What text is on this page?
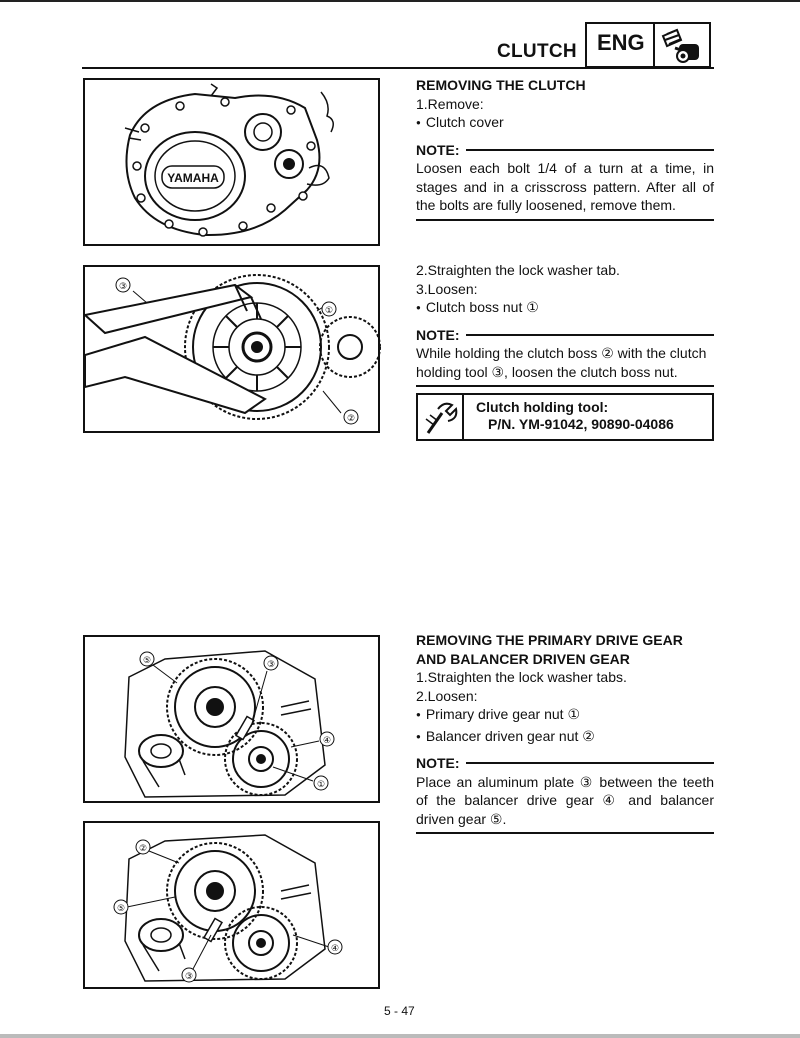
CLUTCH ENG
YAMAHA
③
①
②
⑤	③
④
①
②
⑤
④
③
REMOVING THE CLUTCH
1.Remove:
● Clutch cover
NOTE:
Loosen each bolt 1/4 of a turn at a time, in stages and in a crisscross pattern. After all of the bolts are fully loosened, remove them.
2.Straighten the lock washer tab.
3.Loosen:
● Clutch boss nut ①
NOTE:
While holding the clutch boss ② with the clutch holding tool ③, loosen the clutch boss nut.
Clutch holding tool:
P/N. YM-91042, 90890-04086
REMOVING THE PRIMARY DRIVE GEAR
AND BALANCER DRIVEN GEAR
1.Straighten the lock washer tabs.
2.Loosen:
● Primary drive gear nut ①
● Balancer driven gear nut ②
NOTE:
Place an aluminum plate ③ between the teeth of the balancer drive gear ④ and balancer driven gear ⑤.
5 - 47
